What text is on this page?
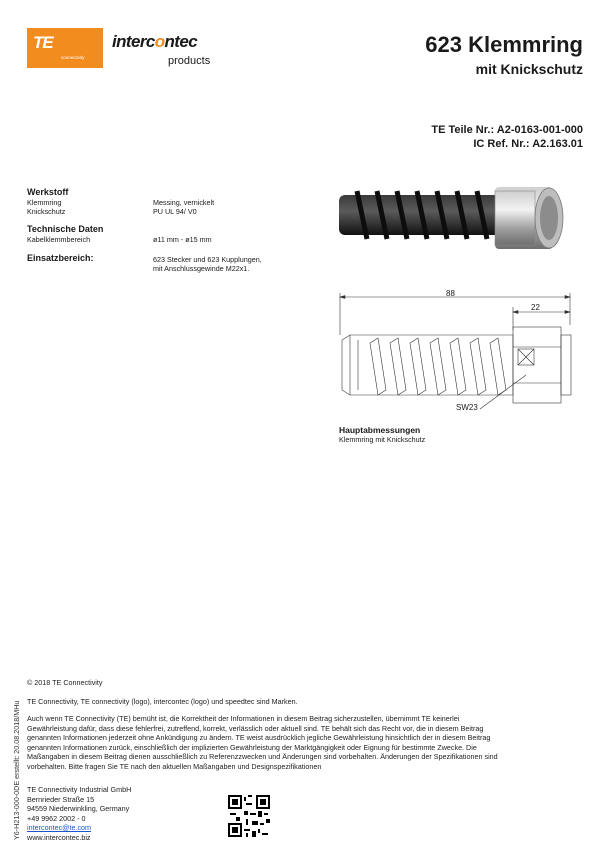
TE
connectivity
intercontec
products
623 Klemmring
mit Knickschutz
TE Teile Nr.: A2-0163-001-000
IC Ref. Nr.: A2.163.01
Werkstoff
Klemmring	Messing, vernickelt
Knickschutz	PU UL 94/ V0
Technische Daten
Kabelklemmbereich	ø11 mm - ø15 mm
Einsatzbereich:	623 Stecker und 623 Kupplungen,
mit Anschlussgewinde M22x1.
88
22
SW23
Hauptabmessungen
Klemmring mit Knickschutz
Y6-H213-000-0DE erstellt: 20.08.2018/MHu
© 2018 TE Connectivity
TE Connectivity, TE connectivity (logo), intercontec (logo) und speedtec sind Marken.
Auch wenn TE Connectivity (TE) bemüht ist, die Korrektheit der Informationen in diesem Beitrag sicherzustellen, übernimmt TE keinerlei Gewährleistung dafür, dass diese fehlerfrei, zutreffend, korrekt, verlässlich oder aktuell sind. TE behält sich das Recht vor, die in diesem Beitrag genannten Informationen jederzeit ohne Ankündigung zu ändern. TE weist ausdrücklich jegliche Gewährleistung hinsichtlich der in diesem Beitrag genannten Informationen zurück, einschließlich der implizierten Gewährleistung der Marktgängigkeit oder Eignung für bestimmte Zwecke. Die Maßangaben in diesem Beitrag dienen ausschließlich zu Referenzzwecken und Änderungen sind vorbehalten. Änderungen der Spezifikationen sind vorbehalten. Bitte fragen Sie TE nach den aktuellen Maßangaben und Designspezifikationen
TE Connectivity Industrial GmbH
Bernrieder Straße 15
94559 Niederwinkling, Germany
+49 9962 2002 - 0
intercontec@te.com
www.intercontec.biz
